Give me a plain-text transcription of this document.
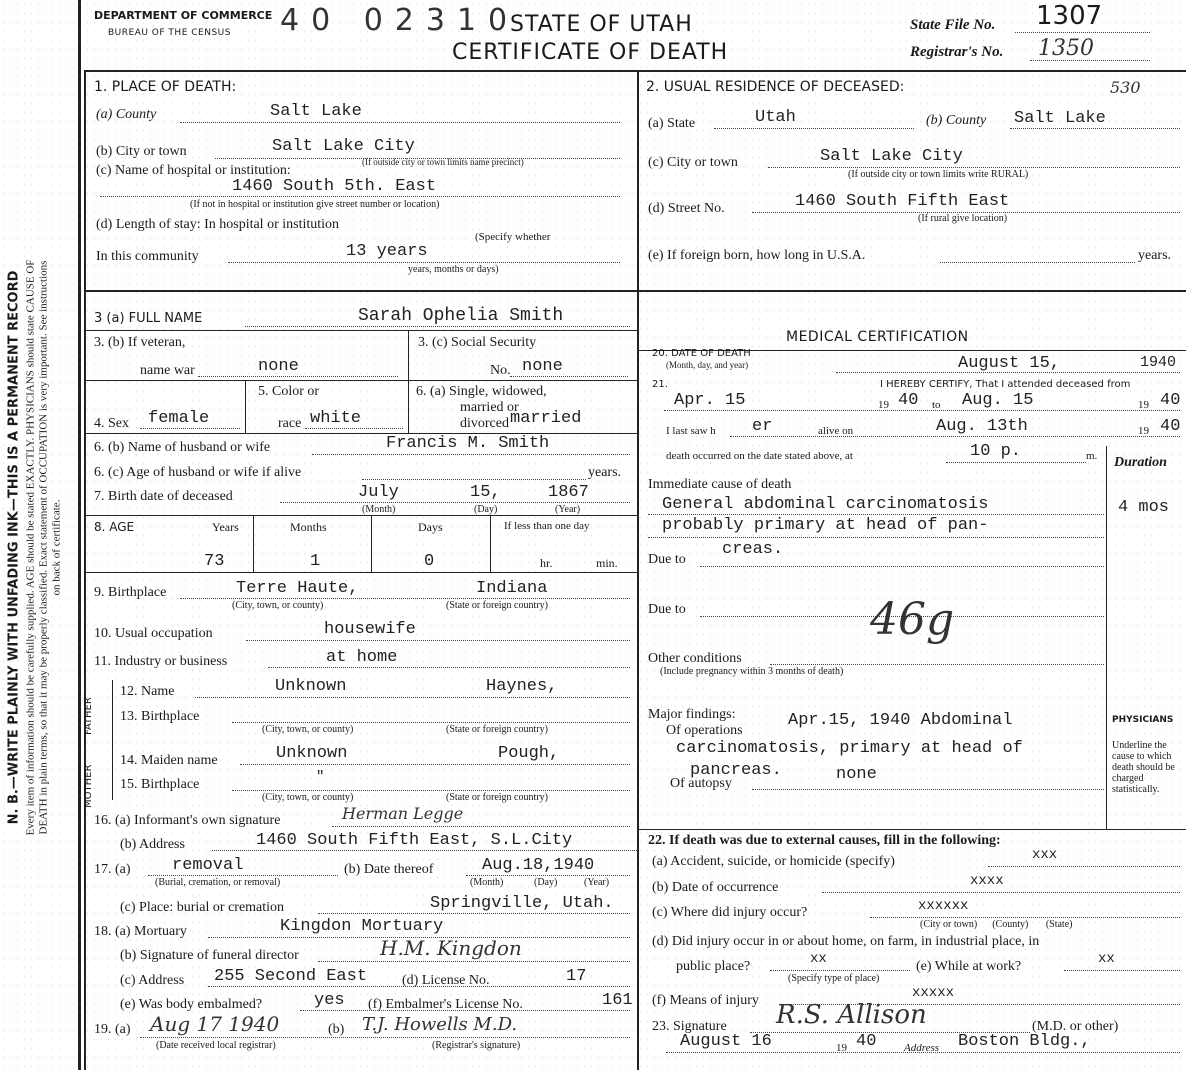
N. B.—WRITE PLAINLY WITH UNFADING INK—THIS IS A PERMANENT RECORD Every item of information should be carefully supplied. AGE should be stated EXACTLY. PHYSICIANS should state CAUSE OF DEATH in plain terms, so that it may be properly classified. Exact statement of OCCUPATION is very important. See instructions on back of certificate.
DEPARTMENT OF COMMERCE
BUREAU OF THE CENSUS 40 02310
STATE OF UTAH
CERTIFICATE OF DEATH
State File No. 1307
Registrar's No. 1350
1. PLACE OF DEATH:
(a) County	Salt Lake
(b) City or town	Salt Lake City
(c) Name of hospital or institution:
(If outside city or town limits name precinct)
1460 South 5th. East
(If not in hospital or institution give street number or location)
(d) Length of stay: In hospital or institution
(Specify whether
In this community	13 years
years, months or days)
2. USUAL RESIDENCE OF DECEASED:	530
(a) State	Utah	(b) County Salt Lake
(c) City or town	Salt Lake City
(If outside city or town limits write RURAL)
(d) Street No.	1460 South Fifth East
(If rural give location)
(e) If foreign born, how long in U.S.A.	years.
3 (a) FULL NAME	Sarah Ophelia Smith
3. (b) If veteran,
name war	none
3. (c) Social Security
No. none
4. Sex female
5. Color or
race white
6. (a) Single, widowed,
married or
divorced married
6. (b) Name of husband or wife	Francis M. Smith
6. (c) Age of husband or wife if alive	years.
7. Birth date of deceased	July	15,	1867
(Month)	(Day)	(Year)
8. AGE	Years	Months	Days	If less than one day
73	1	0	hr.	min.
9. Birthplace	Terre Haute,	Indiana
(City, town, or county)	(State or foreign country)
10. Usual occupation	housewife
11. Industry or business	at home
FATHER
MOTHER
12. Name	Unknown	Haynes,
13. Birthplace
(City, town, or county)	(State or foreign country)
14. Maiden name	Unknown	Pough,
15. Birthplace	"
(City, town, or county)	(State or foreign country)
16. (a) Informant's own signature	Herman Legge
(b) Address	1460 South Fifth East, S.L.City
17. (a) removal
(Burial, cremation, or removal)
(b) Date thereof	Aug.18,1940
(Month)	(Day)	(Year)
(c) Place: burial or cremation	Springville, Utah.
18. (a) Mortuary	Kingdon Mortuary
(b) Signature of funeral director	H.M. Kingdon
(c) Address 255 Second East (d) License No.	17
(e) Was body embalmed?	yes (f) Embalmer's License No.	161
19. (a) Aug 17 1940	(b) T.J. Howells M.D.
(Date received local registrar)	(Registrar's signature)
MEDICAL CERTIFICATION
20. DATE OF DEATH
(Month, day, and year)	August 15,	1940
21.	I HEREBY CERTIFY, That I attended deceased from
Apr. 15	19 40 to Aug. 15	19 40
I last saw h er	alive on	Aug. 13th	19 40
death occurred on the date stated above, at	10 p.	m. Duration
Immediate cause of death
General abdominal carcinomatosis
probably primary at head of pan-
creas.
4 mos
Due to
Due to	46g
Other conditions
(Include pregnancy within 3 months of death)
Major findings:	Apr.15, 1940 Abdominal
Of operations
carcinomatosis, primary at head of
pancreas.
Of autopsy	none
PHYSICIANS
Underline the cause to which death should be charged statistically.
22. If death was due to external causes, fill in the following:
(a) Accident, suicide, or homicide (specify)	xxx
(b) Date of occurrence	xxxx
(c) Where did injury occur?	xxxxxx
(City or town)      (County)       (State)
(d) Did injury occur in or about home, on farm, in industrial place, in
public place?	xx
(Specify type of place)
(e) While at work?	xx
(f) Means of injury	xxxxx
23. Signature R.S. Allison	(M.D. or other)
August 16	19 40	Address Boston Bldg.,
